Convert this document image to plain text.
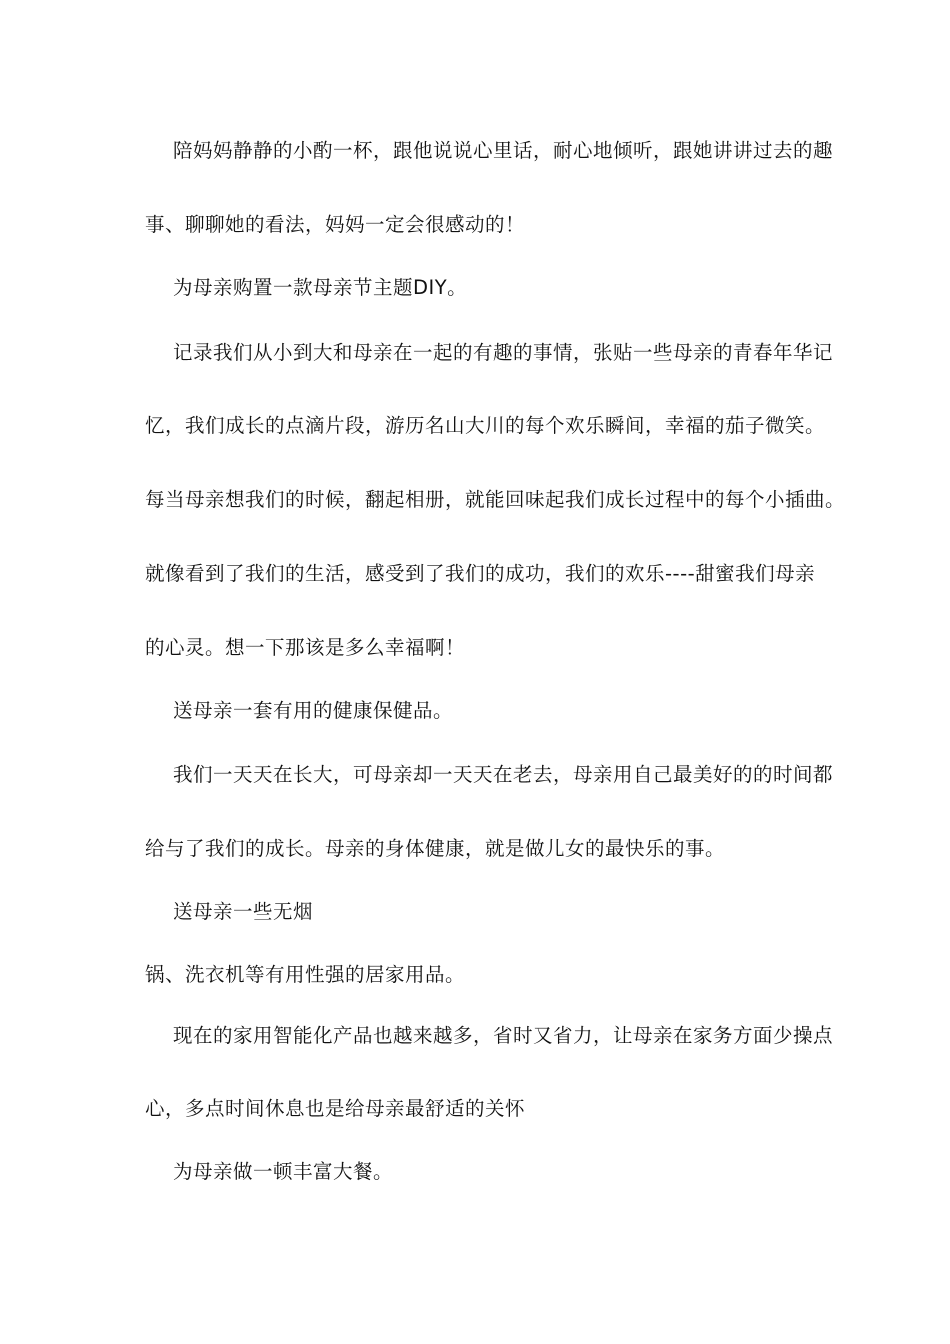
陪妈妈静静的小酌一杯，跟他说说心里话，耐心地倾听，跟她讲讲过去的趣
事、聊聊她的看法，妈妈一定会很感动的！
为母亲购置一款母亲节主题DIY。
记录我们从小到大和母亲在一起的有趣的事情，张贴一些母亲的青春年华记
忆，我们成长的点滴片段，游历名山大川的每个欢乐瞬间，幸福的茄子微笑。
每当母亲想我们的时候，翻起相册，就能回味起我们成长过程中的每个小插曲。
就像看到了我们的生活，感受到了我们的成功，我们的欢乐----甜蜜我们母亲
的心灵。想一下那该是多么幸福啊！
送母亲一套有用的健康保健品。
我们一天天在长大，可母亲却一天天在老去，母亲用自己最美好的的时间都
给与了我们的成长。母亲的身体健康，就是做儿女的最快乐的事。
送母亲一些无烟
锅、洗衣机等有用性强的居家用品。
现在的家用智能化产品也越来越多，省时又省力，让母亲在家务方面少操点
心，多点时间休息也是给母亲最舒适的关怀
为母亲做一顿丰富大餐。
